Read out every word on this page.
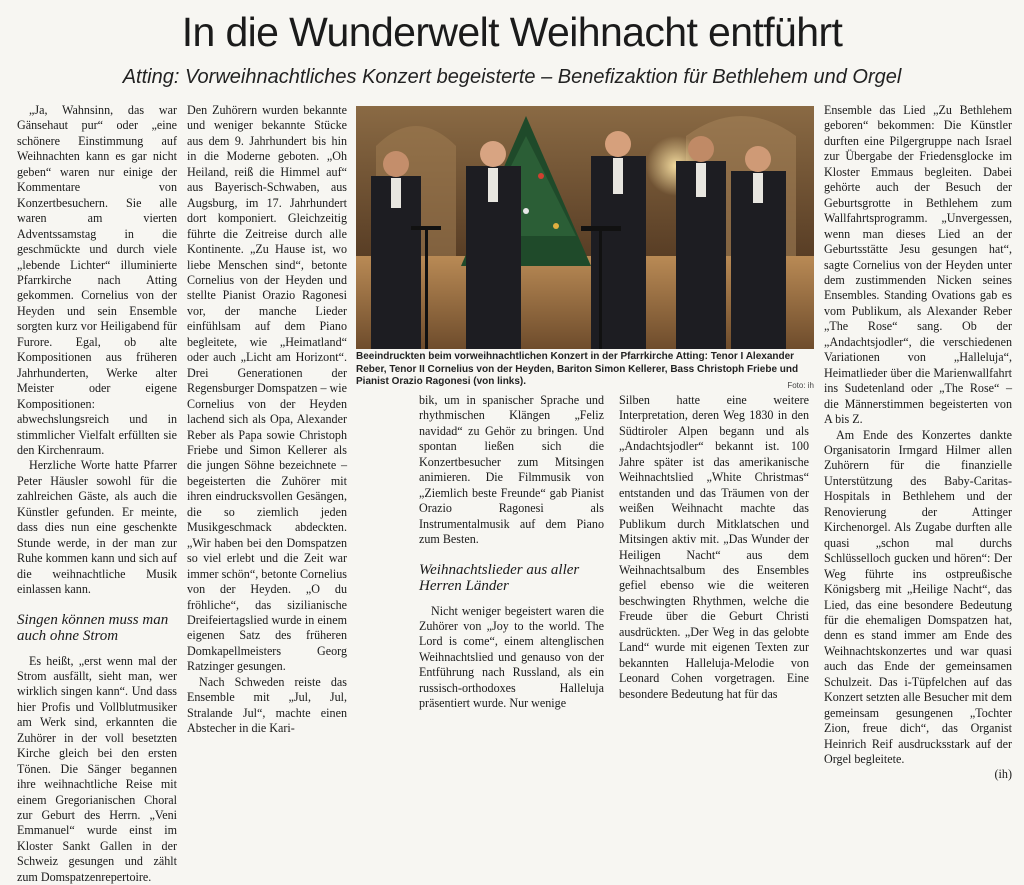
In die Wunderwelt Weihnacht entführt
Atting: Vorweihnachtliches Konzert begeisterte – Benefizaktion für Bethlehem und Orgel

„Ja, Wahnsinn, das war Gänsehaut pur“ oder „eine schönere Einstimmung auf Weihnachten kann es gar nicht geben“ waren nur einige der Kommentare von Konzertbesuchern. Sie alle waren am vierten Adventssamstag in die geschmückte und durch viele „lebende Lichter“ illuminierte Pfarrkirche nach Atting gekommen. Cornelius von der Heyden und sein Ensemble sorgten kurz vor Heiligabend für Furore. Egal, ob alte Kompositionen aus früheren Jahrhunderten, Werke alter Meister oder eigene Kompositionen: abwechslungsreich und in stimmlicher Vielfalt erfüllten sie den Kirchenraum.

Herzliche Worte hatte Pfarrer Peter Häusler sowohl für die zahlreichen Gäste, als auch die Künstler gefunden. Er meinte, dass dies nun eine geschenkte Stunde werde, in der man zur Ruhe kommen kann und sich auf die weihnachtliche Musik einlassen kann.

Singen können muss man auch ohne Strom

Es heißt, „erst wenn mal der Strom ausfällt, sieht man, wer wirklich singen kann“. Und dass hier Profis und Vollblutmusiker am Werk sind, erkannten die Zuhörer in der voll besetzten Kirche gleich bei den ersten Tönen. Die Sänger begannen ihre weihnachtliche Reise mit einem Gregorianischen Choral zur Geburt des Herrn. „Veni Emmanuel“ wurde einst im Kloster Sankt Gallen in der Schweiz gesungen und zählt zum Domspatzenrepertoire.

Den Zuhörern wurden bekannte und weniger bekannte Stücke aus dem 9. Jahrhundert bis hin in die Moderne geboten. „Oh Heiland, reiß die Himmel auf“ aus Bayerisch-Schwaben, aus Augsburg, im 17. Jahrhundert dort komponiert. Gleichzeitig führte die Zeitreise durch alle Kontinente. „Zu Hause ist, wo liebe Menschen sind“, betonte Cornelius von der Heyden und stellte Pianist Orazio Ragonesi vor, der manche Lieder einfühlsam auf dem Piano begleitete, wie „Heimatland“ oder auch „Licht am Horizont“. Drei Generationen der Regensburger Domspatzen – wie Cornelius von der Heyden lachend sich als Opa, Alexander Reber als Papa sowie Christoph Friebe und Simon Kellerer als die jungen Söhne bezeichnete – begeisterten die Zuhörer mit ihren eindrucksvollen Gesängen, die so ziemlich jeden Musikgeschmack abdeckten. „Wir haben bei den Domspatzen so viel erlebt und die Zeit war immer schön“, betonte Cornelius von der Heyden. „O du fröhliche“, das sizilianische Dreifeiertagslied wurde in einem eigenen Satz des früheren Domkapellmeisters Georg Ratzinger gesungen.

Nach Schweden reiste das Ensemble mit „Jul, Jul, Stralande Jul“, machte einen Abstecher in die Kari-

Beeindruckten beim vorweihnachtlichen Konzert in der Pfarrkirche Atting: Tenor I Alexander Reber, Tenor II Cornelius von der Heyden, Bariton Simon Kellerer, Bass Christoph Friebe und Pianist Orazio Ragonesi (von links).	Foto: ih

bik, um in spanischer Sprache und rhythmischen Klängen „Feliz navidad“ zu Gehör zu bringen. Und spontan ließen sich die Konzertbesucher zum Mitsingen animieren. Die Filmmusik von „Ziemlich beste Freunde“ gab Pianist Orazio Ragonesi als Instrumentalmusik auf dem Piano zum Besten.

Weihnachtslieder aus aller Herren Länder

Nicht weniger begeistert waren die Zuhörer von „Joy to the world. The Lord is come“, einem altenglischen Weihnachtslied und genauso von der Entführung nach Russland, als ein russisch-orthodoxes Halleluja präsentiert wurde. Nur wenige

Silben hatte eine weitere Interpretation, deren Weg 1830 in den Südtiroler Alpen begann und als „Andachtsjodler“ bekannt ist. 100 Jahre später ist das amerikanische Weihnachtslied „White Christmas“ entstanden und das Träumen von der weißen Weihnacht machte das Publikum durch Mitklatschen und Mitsingen aktiv mit. „Das Wunder der Heiligen Nacht“ aus dem Weihnachtsalbum des Ensembles gefiel ebenso wie die weiteren beschwingten Rhythmen, welche die Freude über die Geburt Christi ausdrückten. „Der Weg in das gelobte Land“ wurde mit eigenen Texten zur bekannten Halleluja-Melodie von Leonard Cohen vorgetragen. Eine besondere Bedeutung hat für das

Ensemble das Lied „Zu Bethlehem geboren“ bekommen: Die Künstler durften eine Pilgergruppe nach Israel zur Übergabe der Friedensglocke im Kloster Emmaus begleiten. Dabei gehörte auch der Besuch der Geburtsgrotte in Bethlehem zum Wallfahrtsprogramm. „Unvergessen, wenn man dieses Lied an der Geburtsstätte Jesu gesungen hat“, sagte Cornelius von der Heyden unter dem zustimmenden Nicken seines Ensembles. Standing Ovations gab es vom Publikum, als Alexander Reber „The Rose“ sang. Ob der „Andachtsjodler“, die verschiedenen Variationen von „Halleluja“, Heimatlieder über die Marienwallfahrt ins Sudetenland oder „The Rose“ – die Männerstimmen begeisterten von A bis Z.

Am Ende des Konzertes dankte Organisatorin Irmgard Hilmer allen Zuhörern für die finanzielle Unterstützung des Baby-Caritas-Hospitals in Bethlehem und der Renovierung der Attinger Kirchenorgel. Als Zugabe durften alle quasi „schon mal durchs Schlüsselloch gucken und hören“: Der Weg führte ins ostpreußische Königsberg mit „Heilige Nacht“, das Lied, das eine besondere Bedeutung für die ehemaligen Domspatzen hat, denn es stand immer am Ende des Weihnachtskonzertes und war quasi auch das Ende der gemeinsamen Schulzeit. Das i-Tüpfelchen auf das Konzert setzten alle Besucher mit dem gemeinsam gesungenen „Tochter Zion, freue dich“, das Organist Heinrich Reif ausdrucksstark auf der Orgel begleitete.

(ih)
